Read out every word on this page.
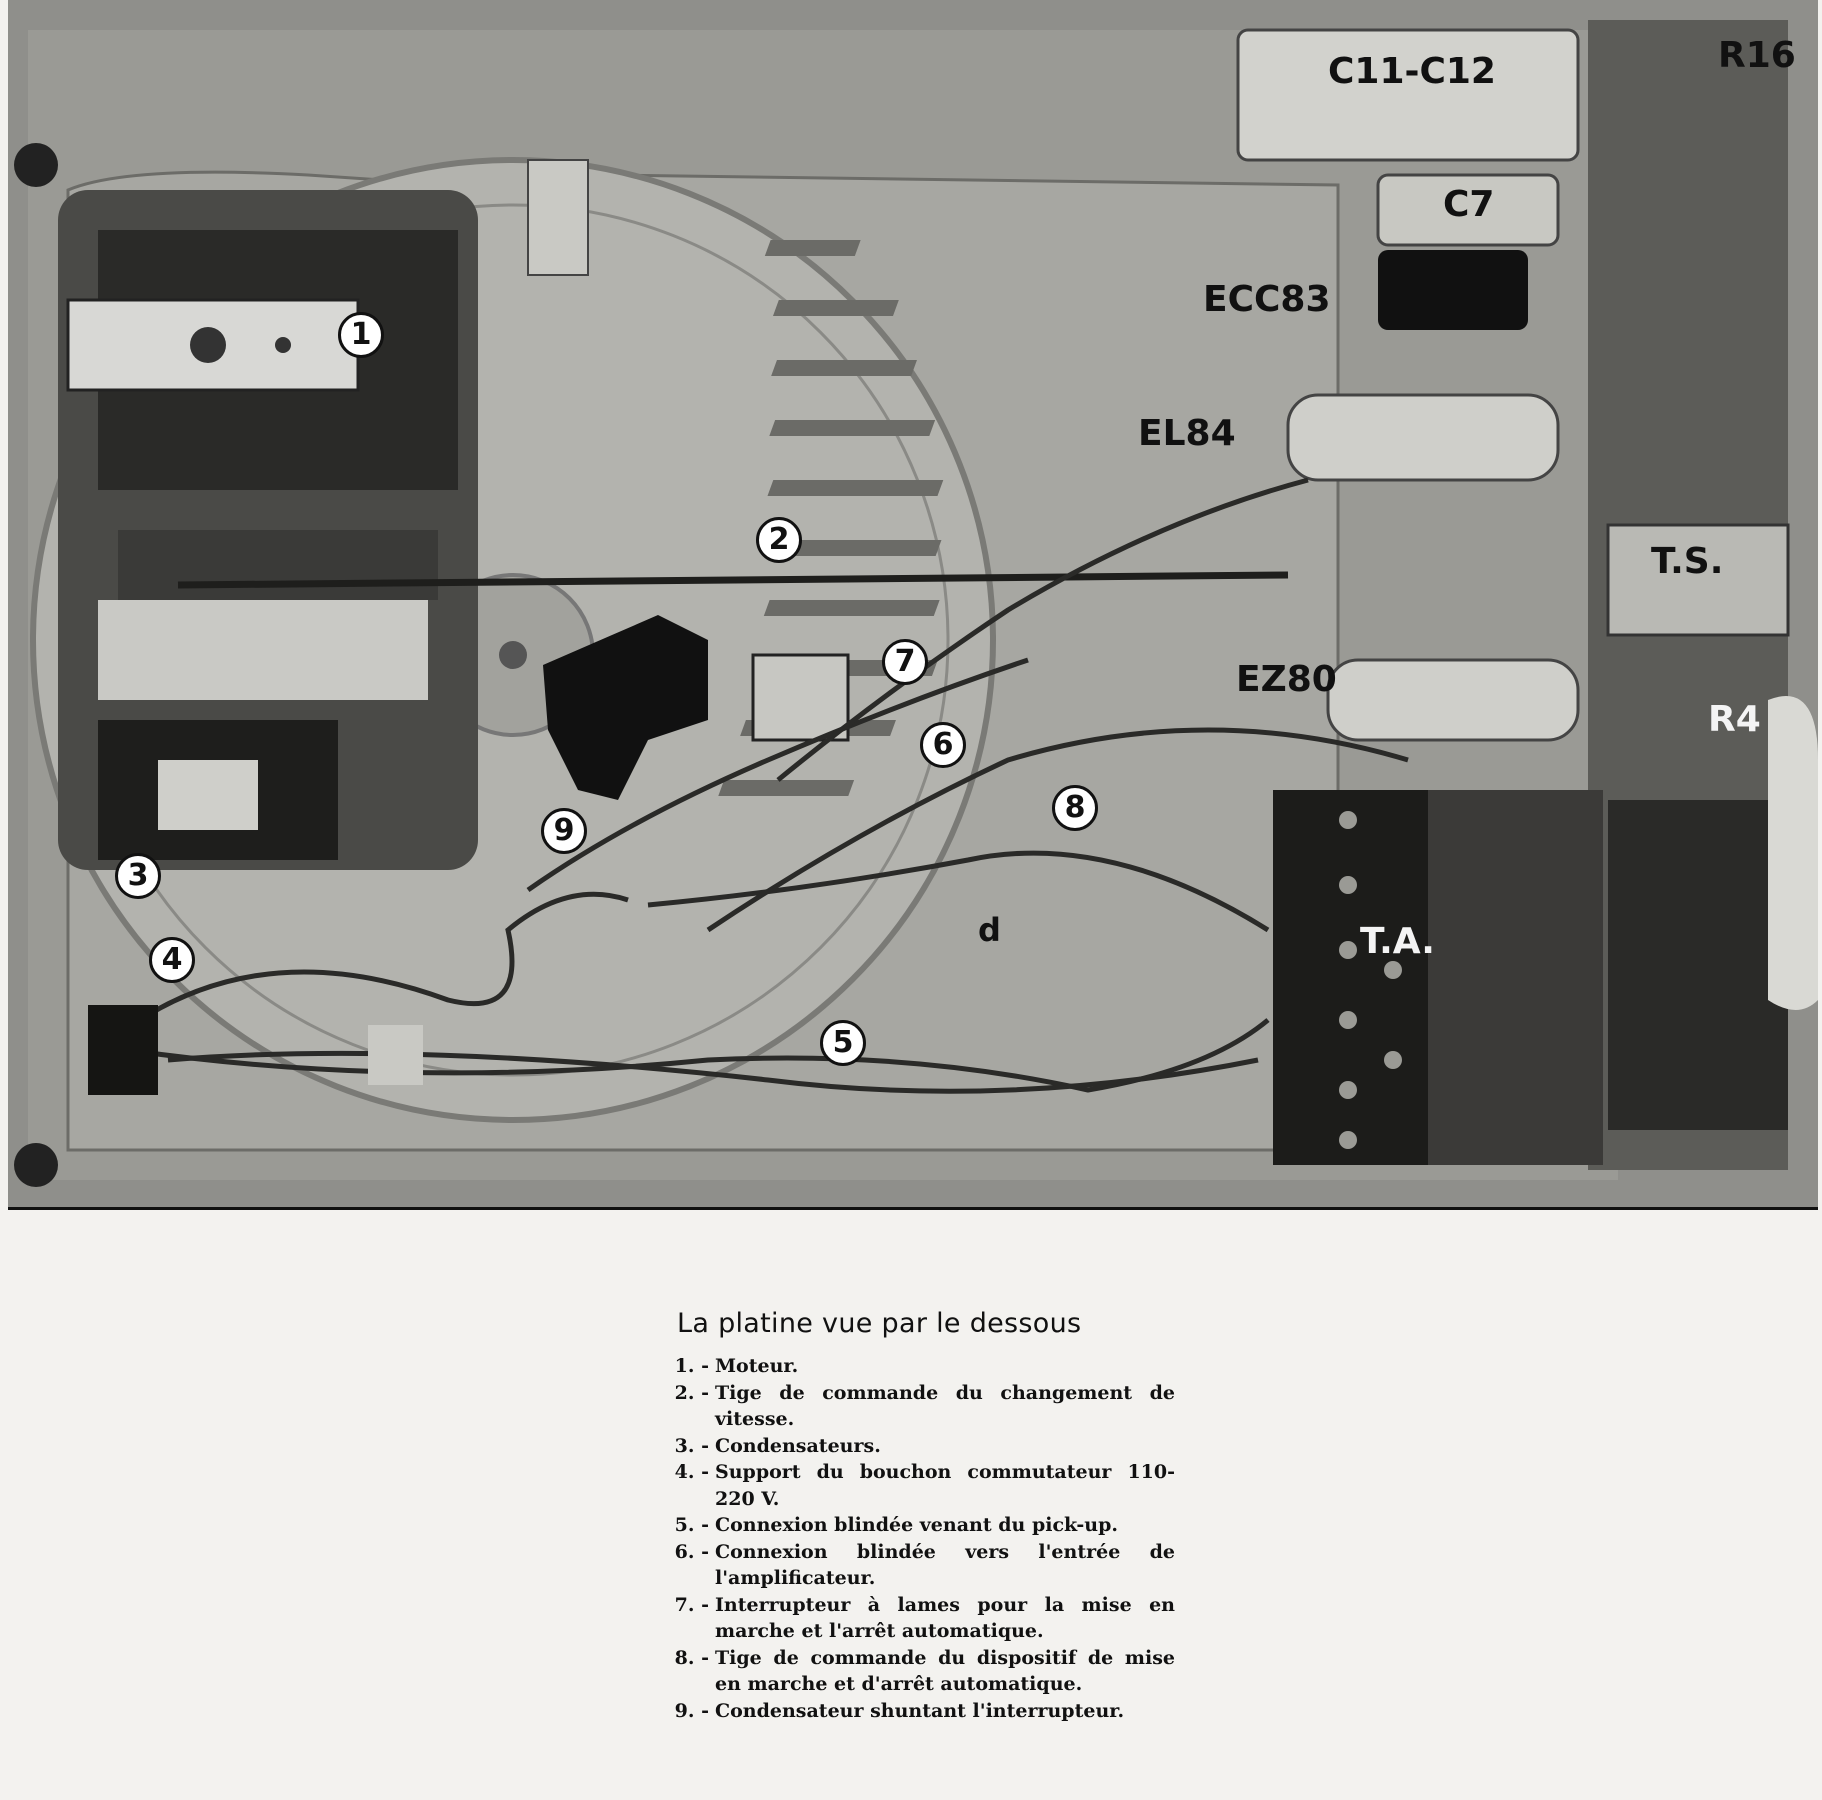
1
2
3
4
5
6
7
8
9
C11-C12	R16
C7
ECC83
EL84
T.S.
EZ80
R4
T.A.
d
La platine vue par le dessous
1. - Moteur.
2. - Tige de commande du changement de vitesse.
3. - Condensateurs.
4. - Support du bouchon commutateur 110-220 V.
5. - Connexion blindée venant du pick-up.
6. - Connexion blindée vers l'entrée de l'amplificateur.
7. - Interrupteur à lames pour la mise en marche et l'arrêt automatique.
8. - Tige de commande du dispositif de mise en marche et d'arrêt automatique.
9. - Condensateur shuntant l'interrupteur.
